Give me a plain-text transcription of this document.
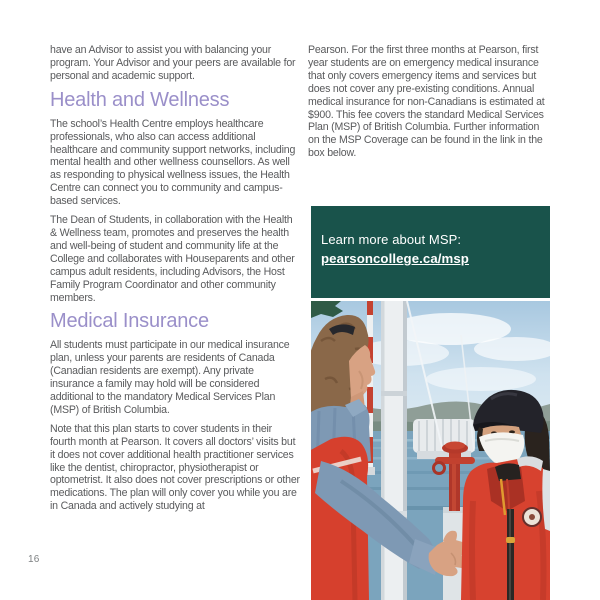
have an Advisor to assist you with balancing your program. Your Advisor and your peers are available for personal and academic support.

Health and Wellness

The school’s Health Centre employs healthcare professionals, who also can access additional healthcare and community support networks, including mental health and other wellness counsellors. As well as responding to physical wellness issues, the Health Centre can connect you to community and campus-based services.

The Dean of Students, in collaboration with the Health & Wellness team, promotes and preserves the health and well-being of student and community life at the College and collaborates with Houseparents and other campus adult residents, including Advisors, the Host Family Program Coordinator and other community members.

Medical Insurance

All students must participate in our medical insurance plan, unless your parents are residents of Canada (Canadian residents are exempt). Any private insurance a family may hold will be considered additional to the mandatory Medical Services Plan (MSP) of British Columbia.

Note that this plan starts to cover students in their fourth month at Pearson. It covers all doctors’ visits but it does not cover additional health practitioner services like the dentist, chiropractor, physiotherapist or optometrist. It also does not cover prescriptions or other medications. The plan will only cover you while you are in Canada and actively studying at

Pearson. For the first three months at Pearson, first year students are on emergency medical insurance that only covers emergency items and services but does not cover any pre-existing conditions. Annual medical insurance for non-Canadians is estimated at $900. This fee covers the standard Medical Services Plan (MSP) of British Columbia. Further information on the MSP Coverage can be found in the link in the box below.

Learn more about MSP:

pearsoncollege.ca/msp
16
